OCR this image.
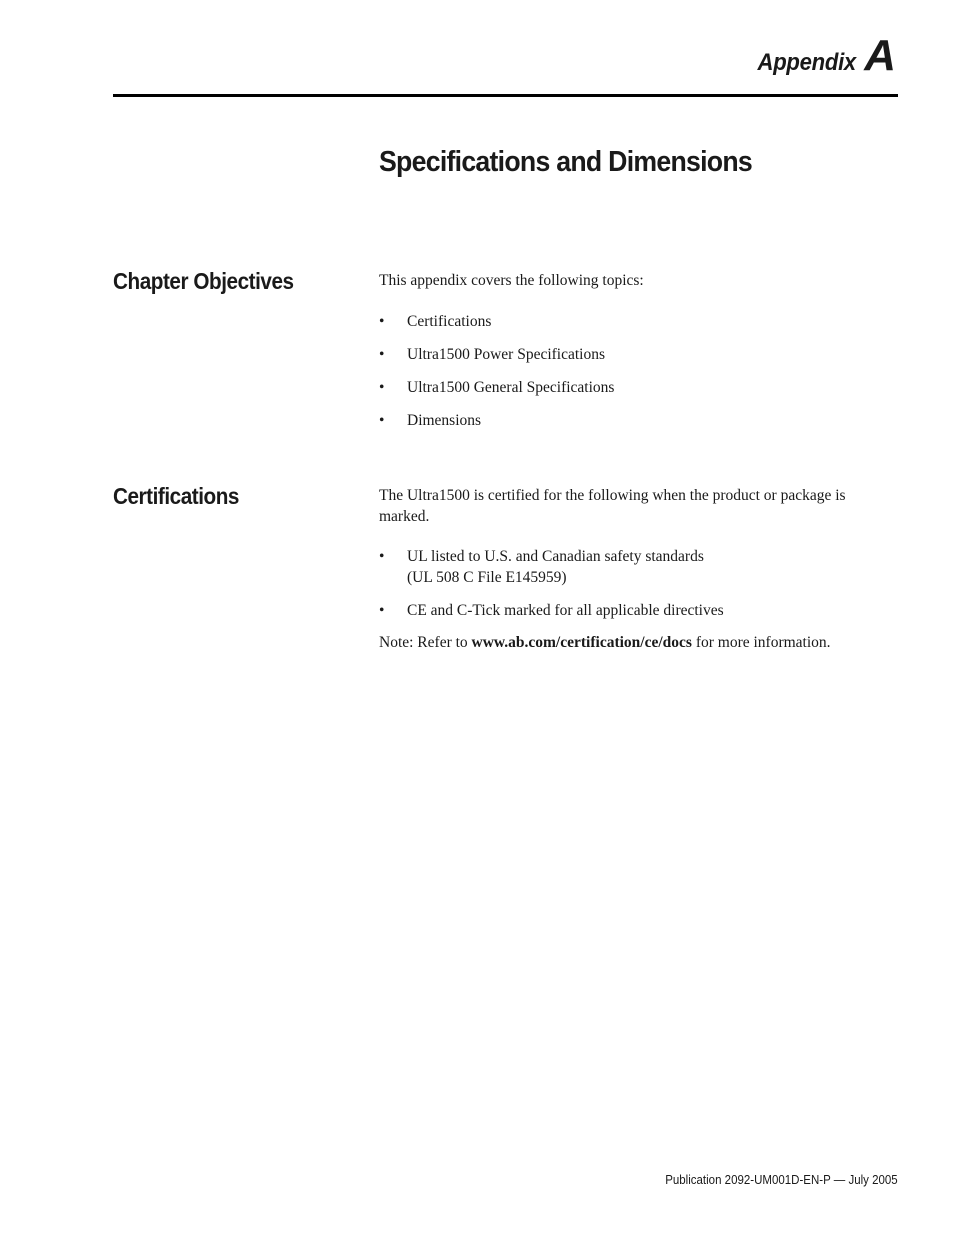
Appendix A
Specifications and Dimensions
Chapter Objectives	This appendix covers the following topics:

• Certifications
• Ultra1500 Power Specifications
• Ultra1500 General Specifications
• Dimensions
Certifications	The Ultra1500 is certified for the following when the product or package is marked.

• UL listed to U.S. and Canadian safety standards
(UL 508 C File E145959)
• CE and C-Tick marked for all applicable directives

Note: Refer to www.ab.com/certification/ce/docs for more information.

Publication 2092-UM001D-EN-P — July 2005
